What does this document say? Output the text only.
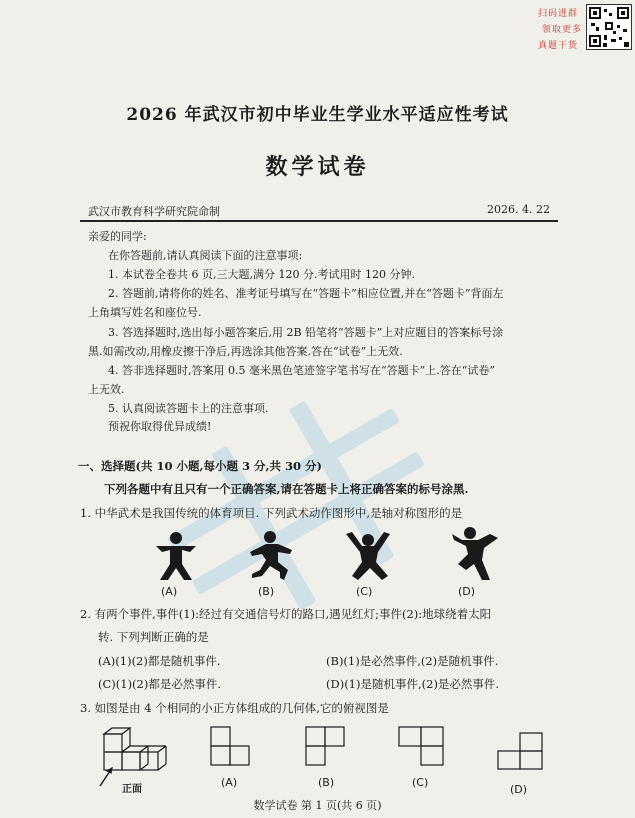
扫码进群
领取更多
真题干货
2026 年武汉市初中毕业生学业水平适应性考试
数学试卷
武汉市教育科学研究院命制	2026. 4. 22
亲爱的同学:
在你答题前,请认真阅读下面的注意事项:
1. 本试卷全卷共 6 页,三大题,满分 120 分.考试用时 120 分钟.
2. 答题前,请将你的姓名、准考证号填写在“答题卡”相应位置,并在“答题卡”背面左
上角填写姓名和座位号.
3. 答选择题时,选出每小题答案后,用 2B 铅笔将“答题卡”上对应题目的答案标号涂
黑.如需改动,用橡皮擦干净后,再选涂其他答案.答在“试卷”上无效.
4. 答非选择题时,答案用 0.5 毫米黑色笔迹签字笔书写在“答题卡”上.答在“试卷”
上无效.
5. 认真阅读答题卡上的注意事项.
预祝你取得优异成绩!
一、选择题(共 10 小题,每小题 3 分,共 30 分)
下列各题中有且只有一个正确答案,请在答题卡上将正确答案的标号涂黑.
1. 中华武术是我国传统的体育项目. 下列武术动作图形中,是轴对称图形的是
(A)	(B)	(C)	(D)
2. 有两个事件,事件(1):经过有交通信号灯的路口,遇见红灯;事件(2):地球绕着太阳
转. 下列判断正确的是
(A)(1)(2)都是随机事件.	(B)(1)是必然事件,(2)是随机事件.
(C)(1)(2)都是必然事件.	(D)(1)是随机事件,(2)是必然事件.
3. 如图是由 4 个相同的小正方体组成的几何体,它的俯视图是
正面
(A)	(B)	(C)
(D)
数学试卷 第 1 页(共 6 页)
